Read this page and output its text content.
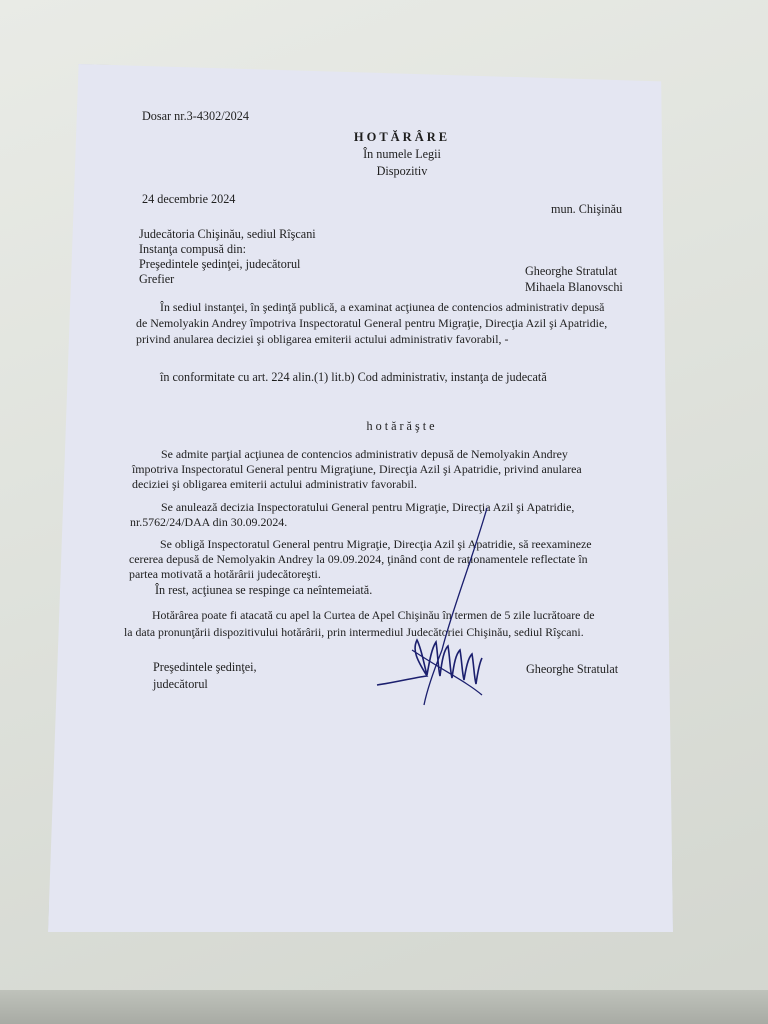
Dosar nr.3-4302/2024
HOTĂRÂRE
În numele Legii
Dispozitiv
24 decembrie 2024
mun. Chişinău
Judecătoria Chişinău, sediul Rîşcani
Instanţa compusă din:
Preşedintele şedinţei, judecătorul	Gheorghe Stratulat
Grefier
Mihaela Blanovschi
În sediul instanţei, în şedinţă publică, a examinat acţiunea de contencios administrativ depusă
de Nemolyakin Andrey împotriva Inspectoratul General pentru Migraţie, Direcţia Azil şi Apatridie,
privind anularea deciziei şi obligarea emiterii actului administrativ favorabil, -
în conformitate cu art. 224 alin.(1) lit.b) Cod administrativ, instanţa de judecată
hotărăşte
Se admite parţial acţiunea de contencios administrativ depusă de Nemolyakin Andrey
împotriva Inspectoratul General pentru Migraţiune, Direcţia Azil şi Apatridie, privind anularea
deciziei şi obligarea emiterii actului administrativ favorabil.
Se anulează decizia Inspectoratului General pentru Migraţie, Direcţia Azil şi Apatridie,
nr.5762/24/DAA din 30.09.2024.
Se obligă Inspectoratul General pentru Migraţie, Direcţia Azil şi Apatridie, să reexamineze
cererea depusă de Nemolyakin Andrey la 09.09.2024, ţinând cont de raţionamentele reflectate în
partea motivată a hotărârii judecătoreşti.
În rest, acţiunea se respinge ca neîntemeiată.
Hotărârea poate fi atacată cu apel la Curtea de Apel Chişinău în termen de 5 zile lucrătoare de
la data pronunţării dispozitivului hotărârii, prin intermediul Judecătoriei Chişinău, sediul Rîşcani.
Preşedintele şedinţei,
judecătorul
Gheorghe Stratulat
